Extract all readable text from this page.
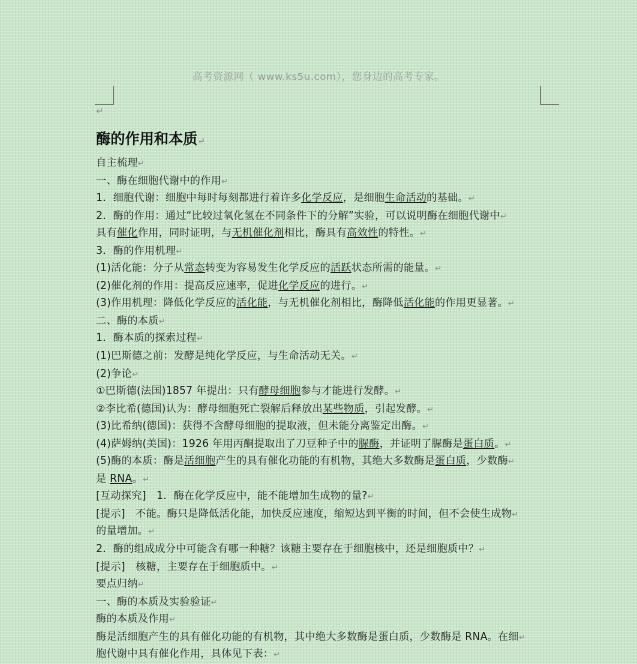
高考资源网（ www.ks5u.com），您身边的高考专家。
↵
酶的作用和本质↵
自主梳理↵
一、酶在细胞代谢中的作用↵
1．细胞代谢：细胞中每时每刻都进行着许多化学反应，是细胞生命活动的基础。↵
2．酶的作用：通过“比较过氧化氢在不同条件下的分解”实验，可以说明酶在细胞代谢中↵
具有催化作用，同时证明，与无机催化剂相比，酶具有高效性的特性。↵
3．酶的作用机理↵
(1)活化能：分子从常态转变为容易发生化学反应的活跃状态所需的能量。↵
(2)催化剂的作用：提高反应速率，促进化学反应的进行。↵
(3)作用机理：降低化学反应的活化能，与无机催化剂相比，酶降低活化能的作用更显著。↵
二、酶的本质↵
1．酶本质的探索过程↵
(1)巴斯德之前：发酵是纯化学反应，与生命活动无关。↵
(2)争论↵
①巴斯德(法国)1857 年提出：只有酵母细胞参与才能进行发酵。↵
②李比希(德国)认为：酵母细胞死亡裂解后释放出某些物质，引起发酵。↵
(3)比希纳(德国)：获得不含酵母细胞的提取液，但未能分离鉴定出酶。↵
(4)萨姆纳(美国)：1926 年用丙酮提取出了刀豆种子中的脲酶，并证明了脲酶是蛋白质。↵
(5)酶的本质：酶是活细胞产生的具有催化功能的有机物，其绝大多数酶是蛋白质，少数酶↵
是 RNA。↵
[互动探究]　1．酶在化学反应中，能不能增加生成物的量?↵
[提示]　不能。酶只是降低活化能，加快反应速度，缩短达到平衡的时间，但不会使生成物↵
的量增加。↵
2．酶的组成成分中可能含有哪一种糖？该糖主要存在于细胞核中，还是细胞质中？↵
[提示]　核糖，主要存在于细胞质中。↵
要点归纳↵
一、酶的本质及实验验证↵
酶的本质及作用↵
酶是活细胞产生的具有催化功能的有机物，其中绝大多数酶是蛋白质，少数酶是 RNA。在细↵
胞代谢中具有催化作用，具体见下表：↵
